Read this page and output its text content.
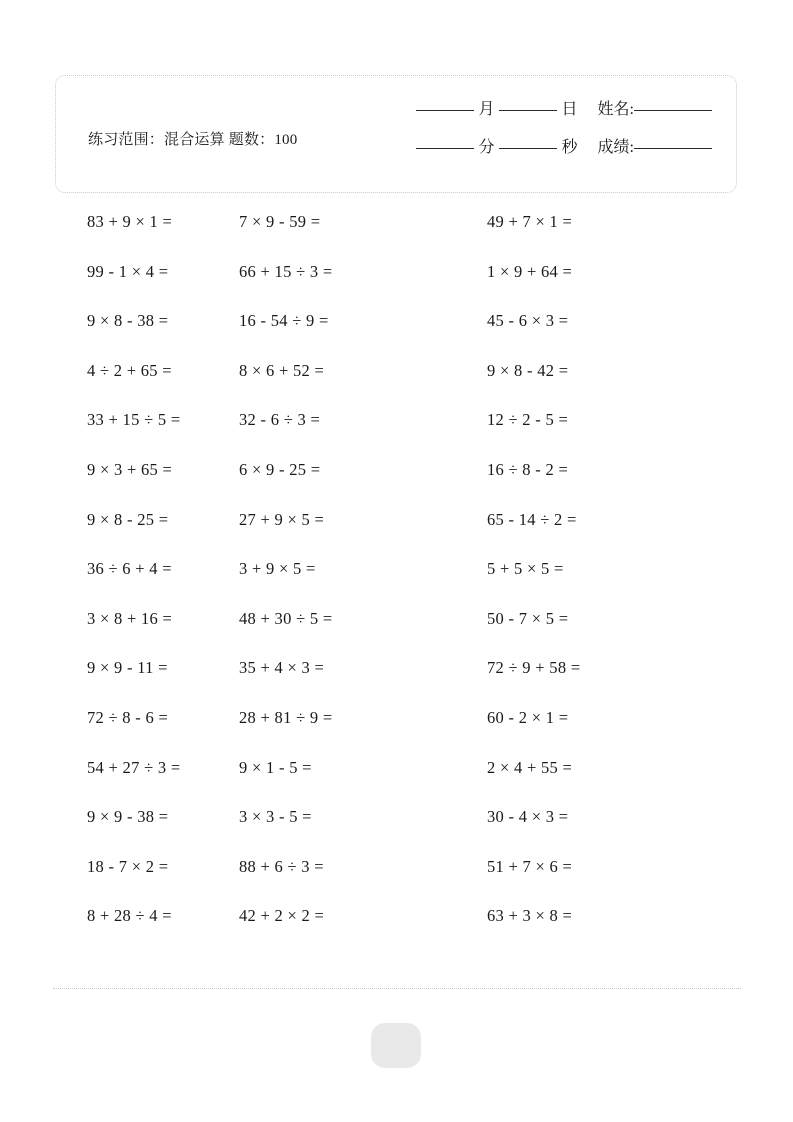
练习范围：混合运算 题数：100
月	日	姓名 :
分	秒	成绩 :
83 + 9 × 1 =	7 × 9 - 59 =	49 + 7 × 1 =
99 - 1 × 4 =	66 + 15 ÷ 3 =	1 × 9 + 64 =
9 × 8 - 38 =	16 - 54 ÷ 9 =	45 - 6 × 3 =
4 ÷ 2 + 65 =	8 × 6 + 52 =	9 × 8 - 42 =
33 + 15 ÷ 5 =	32 - 6 ÷ 3 =	12 ÷ 2 - 5 =
9 × 3 + 65 =	6 × 9 - 25 =	16 ÷ 8 - 2 =
9 × 8 - 25 =	27 + 9 × 5 =	65 - 14 ÷ 2 =
36 ÷ 6 + 4 =	3 + 9 × 5 =	5 + 5 × 5 =
3 × 8 + 16 =	48 + 30 ÷ 5 =	50 - 7 × 5 =
9 × 9 - 11 =	35 + 4 × 3 =	72 ÷ 9 + 58 =
72 ÷ 8 - 6 =	28 + 81 ÷ 9 =	60 - 2 × 1 =
54 + 27 ÷ 3 =	9 × 1 - 5 =	2 × 4 + 55 =
9 × 9 - 38 =	3 × 3 - 5 =	30 - 4 × 3 =
18 - 7 × 2 =	88 + 6 ÷ 3 =	51 + 7 × 6 =
8 + 28 ÷ 4 =	42 + 2 × 2 =	63 + 3 × 8 =
